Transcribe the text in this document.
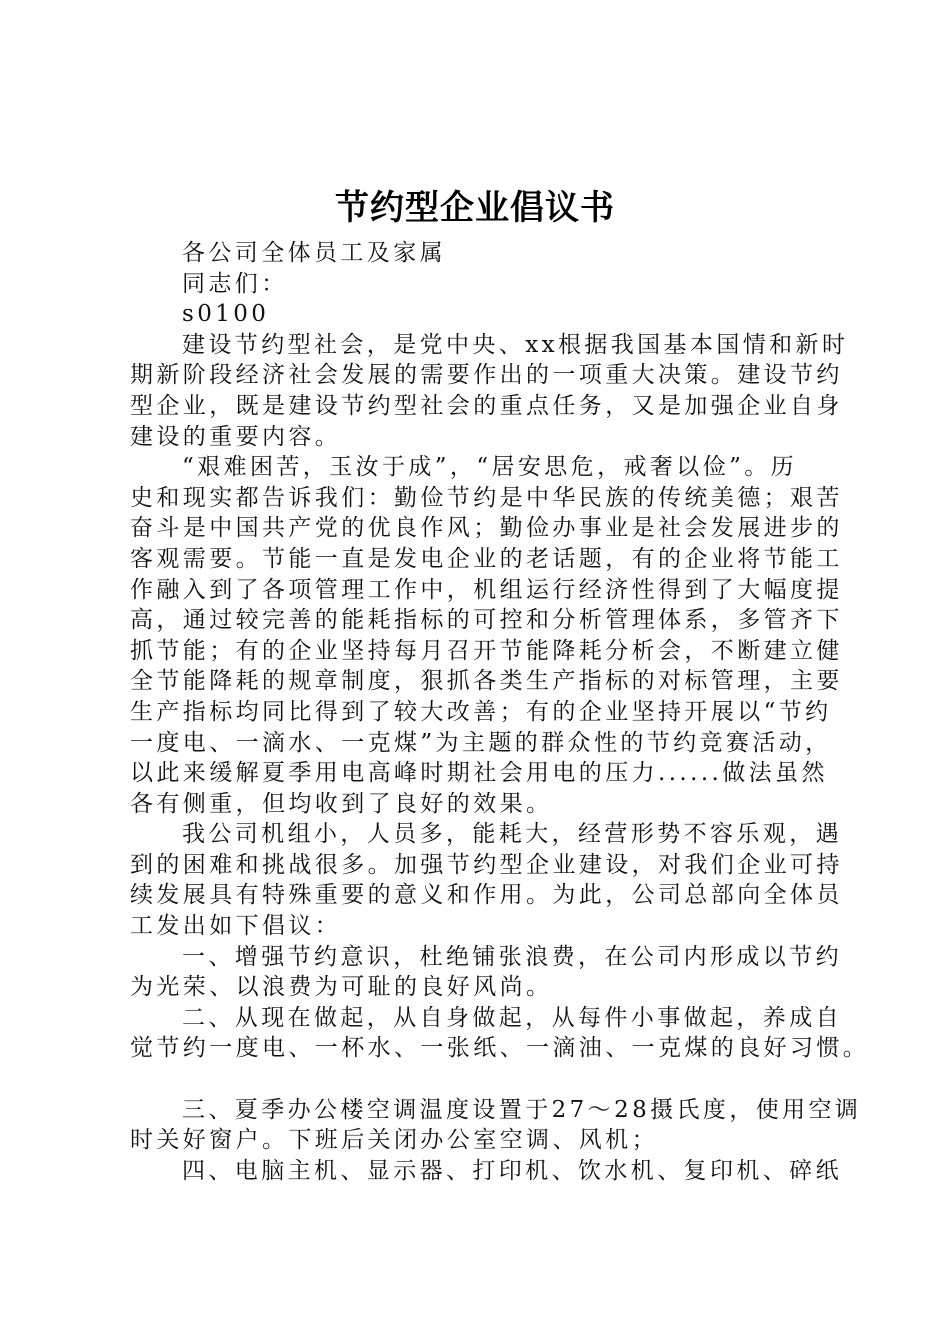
节约型企业倡议书
各公司全体员工及家属
同志们：
s0100
建设节约型社会，是党中央、xx根据我国基本国情和新时
期新阶段经济社会发展的需要作出的一项重大决策。建设节约
型企业，既是建设节约型社会的重点任务，又是加强企业自身
建设的重要内容。
“艰难困苦，玉汝于成”，“居安思危，戒奢以俭”。历
史和现实都告诉我们：勤俭节约是中华民族的传统美德；艰苦
奋斗是中国共产党的优良作风；勤俭办事业是社会发展进步的
客观需要。节能一直是发电企业的老话题，有的企业将节能工
作融入到了各项管理工作中，机组运行经济性得到了大幅度提
高，通过较完善的能耗指标的可控和分析管理体系，多管齐下
抓节能；有的企业坚持每月召开节能降耗分析会，不断建立健
全节能降耗的规章制度，狠抓各类生产指标的对标管理，主要
生产指标均同比得到了较大改善；有的企业坚持开展以“节约
一度电、一滴水、一克煤”为主题的群众性的节约竞赛活动，
以此来缓解夏季用电高峰时期社会用电的压力......做法虽然
各有侧重，但均收到了良好的效果。
我公司机组小，人员多，能耗大，经营形势不容乐观，遇
到的困难和挑战很多。加强节约型企业建设，对我们企业可持
续发展具有特殊重要的意义和作用。为此，公司总部向全体员
工发出如下倡议：
一、增强节约意识，杜绝铺张浪费，在公司内形成以节约
为光荣、以浪费为可耻的良好风尚。
二、从现在做起，从自身做起，从每件小事做起，养成自
觉节约一度电、一杯水、一张纸、一滴油、一克煤的良好习惯。
三、夏季办公楼空调温度设置于27～28摄氏度，使用空调
时关好窗户。下班后关闭办公室空调、风机；
四、电脑主机、显示器、打印机、饮水机、复印机、碎纸
